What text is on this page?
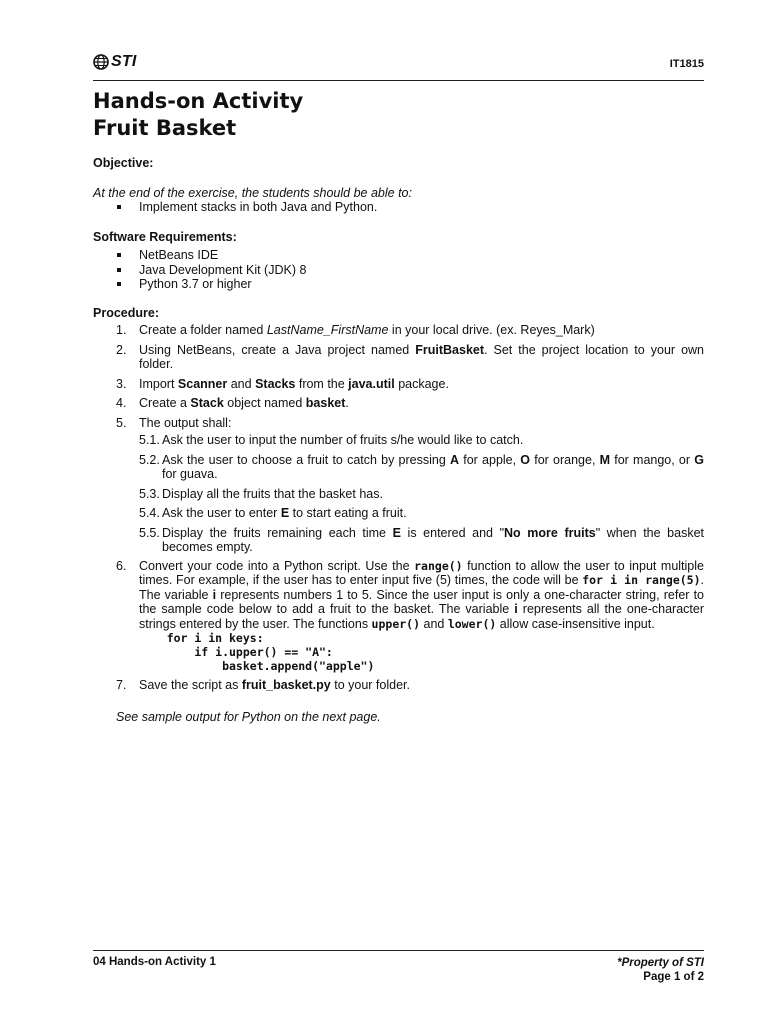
STI	IT1815
Hands-on Activity
Fruit Basket

Objective:

At the end of the exercise, the students should be able to:
Implement stacks in both Java and Python.

Software Requirements:

NetBeans IDE
Java Development Kit (JDK) 8
Python 3.7 or higher

Procedure:

1. Create a folder named LastName_FirstName in your local drive. (ex. Reyes_Mark)
2. Using NetBeans, create a Java project named FruitBasket. Set the project location to your own folder.
3. Import Scanner and Stacks from the java.util package.
4. Create a Stack object named basket.
5. The output shall:
5.1. Ask the user to input the number of fruits s/he would like to catch.
5.2. Ask the user to choose a fruit to catch by pressing A for apple, O for orange, M for mango, or G for guava.
5.3. Display all the fruits that the basket has.
5.4. Ask the user to enter E to start eating a fruit.
5.5. Display the fruits remaining each time E is entered and "No more fruits" when the basket becomes empty.
6. Convert your code into a Python script. Use the range() function to allow the user to input multiple times. For example, if the user has to enter input five (5) times, the code will be for i in range(5). The variable i represents numbers 1 to 5. Since the user input is only a one-character string, refer to the sample code below to add a fruit to the basket. The variable i represents all the one-character strings entered by the user. The functions upper() and lower() allow case-insensitive input.
for i in keys:
if i.upper() == "A":
basket.append("apple")
7. Save the script as fruit_basket.py to your folder.
See sample output for Python on the next page.
04 Hands-on Activity 1	*Property of STI
Page 1 of 2
